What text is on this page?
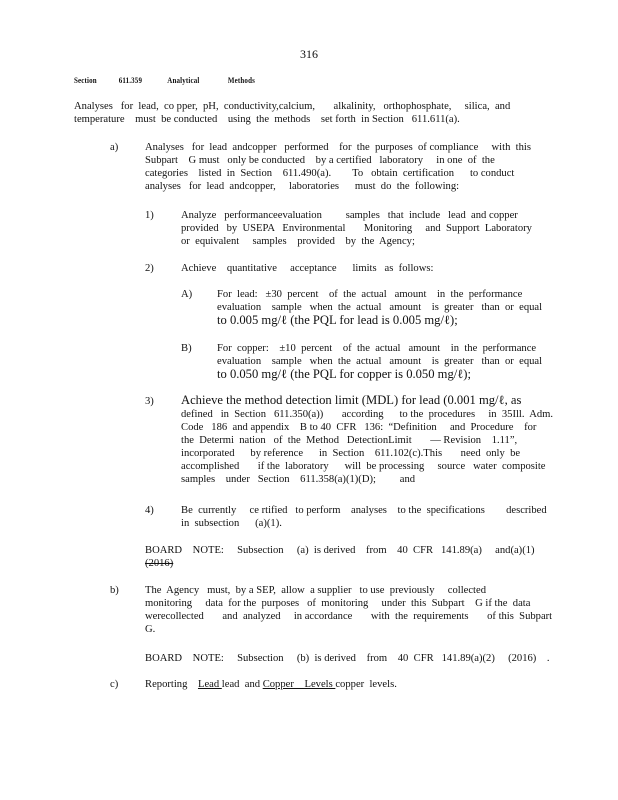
316
Section	611.359	Analytical	Methods
Analyses   for  lead,  co pper,  pH,  conductivity,calcium,       alkalinity,   orthophosphate,     silica,  and
temperature    must  be conducted    using  the  methods    set forth  in Section   611.611(a).
a)	Analyses   for  lead  andcopper   performed    for  the  purposes  of compliance     with  this
Subpart    G must   only be conducted    by a certified   laboratory     in one  of  the
categories    listed  in  Section    611.490(a).        To   obtain  certification      to conduct
analyses   for  lead  andcopper,     laboratories      must  do  the  following:
1)	Analyze   performanceevaluation         samples   that  include   lead  and copper
provided   by  USEPA   Environmental       Monitoring     and  Support  Laboratory
or  equivalent     samples    provided    by  the  Agency;
2)	Achieve    quantitative     acceptance      limits   as  follows:
A) For  lead:   ±30  percent    of  the  actual   amount    in  the  performance
evaluation    sample   when  the  actual   amount    is  greater   than  or  equal
to 0.005 mg/ℓ (the PQL for lead is 0.005 mg/ℓ);
B) For  copper:    ±10  percent    of  the  actual   amount    in  the  performance
evaluation    sample   when  the  actual   amount    is  greater   than  or  equal
to 0.050 mg/ℓ (the PQL for copper is 0.050 mg/ℓ);
3) Achieve the method detection limit (MDL) for lead (0.001 mg/ℓ, as
defined   in  Section   611.350(a))       according      to the  procedures     in  35Ill.  Adm.
Code   186  and appendix    B to 40  CFR   136:  “Definition     and  Procedure    for
the  Determi  nation   of  the  Method   DetectionLimit       — Revision    1.11”,
incorporated      by reference      in  Section    611.102(c).This       need  only  be
accomplished       if the  laboratory      will  be processing     source   water  composite
samples    under   Section    611.358(a)(1)(D);         and
4)	Be  currently     ce rtified   to perform    analyses    to the  specifications        described
in  subsection      (a)(1).
BOARD    NOTE:     Subsection     (a)  is derived    from    40  CFR   141.89(a)     and(a)(1)
(2016)
b) The  Agency   must,  by a SEP,  allow  a supplier   to use  previously     collected
monitoring     data  for the  purposes   of  monitoring     under  this  Subpart    G if the  data
werecollected       and  analyzed     in accordance       with  the  requirements       of this  Subpart
G.
BOARD    NOTE:     Subsection     (b)  is derived    from    40  CFR   141.89(a)(2)     (2016)    .
c)	Reporting    Lead lead  and Copper    Levels copper  levels.
